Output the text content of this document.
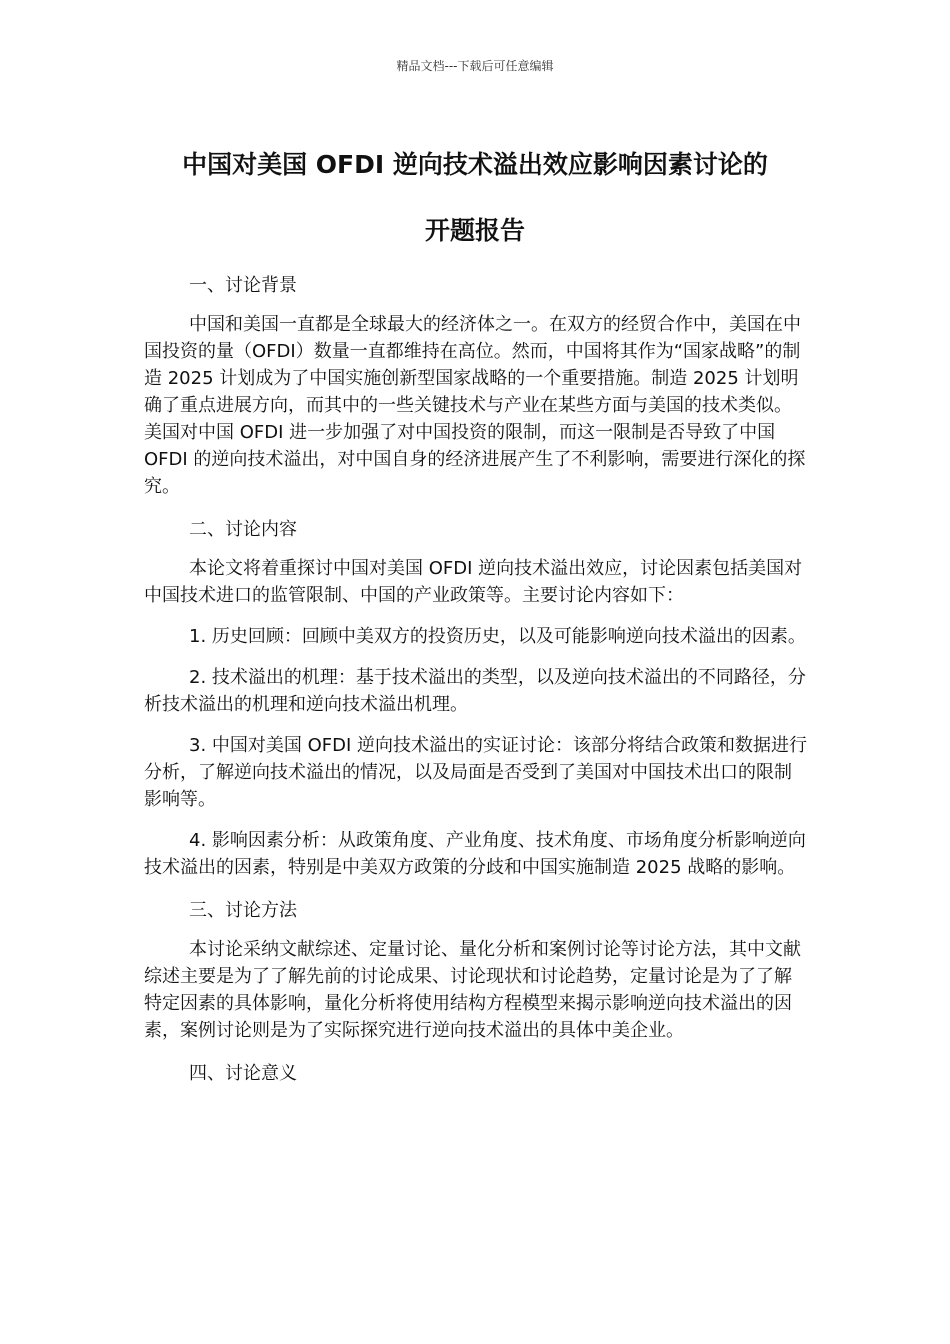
精品文档---下载后可任意编辑
中国对美国 OFDI 逆向技术溢出效应影响因素讨论的
开题报告

一、讨论背景

中国和美国一直都是全球最大的经济体之一。在双方的经贸合作中，美国在中国投资的量（OFDI）数量一直都维持在高位。然而，中国将其作为“国家战略”的制造 2025 计划成为了中国实施创新型国家战略的一个重要措施。制造 2025 计划明确了重点进展方向，而其中的一些关键技术与产业在某些方面与美国的技术类似。美国对中国 OFDI 进一步加强了对中国投资的限制，而这一限制是否导致了中国 OFDI 的逆向技术溢出，对中国自身的经济进展产生了不利影响，需要进行深化的探究。

二、讨论内容

本论文将着重探讨中国对美国 OFDI 逆向技术溢出效应，讨论因素包括美国对中国技术进口的监管限制、中国的产业政策等。主要讨论内容如下：

1. 历史回顾：回顾中美双方的投资历史，以及可能影响逆向技术溢出的因素。

2. 技术溢出的机理：基于技术溢出的类型，以及逆向技术溢出的不同路径，分析技术溢出的机理和逆向技术溢出机理。

3. 中国对美国 OFDI 逆向技术溢出的实证讨论：该部分将结合政策和数据进行分析，了解逆向技术溢出的情况，以及局面是否受到了美国对中国技术出口的限制影响等。

4. 影响因素分析：从政策角度、产业角度、技术角度、市场角度分析影响逆向技术溢出的因素，特别是中美双方政策的分歧和中国实施制造 2025 战略的影响。

三、讨论方法

本讨论采纳文献综述、定量讨论、量化分析和案例讨论等讨论方法，其中文献综述主要是为了了解先前的讨论成果、讨论现状和讨论趋势，定量讨论是为了了解特定因素的具体影响，量化分析将使用结构方程模型来揭示影响逆向技术溢出的因素，案例讨论则是为了实际探究进行逆向技术溢出的具体中美企业。

四、讨论意义
